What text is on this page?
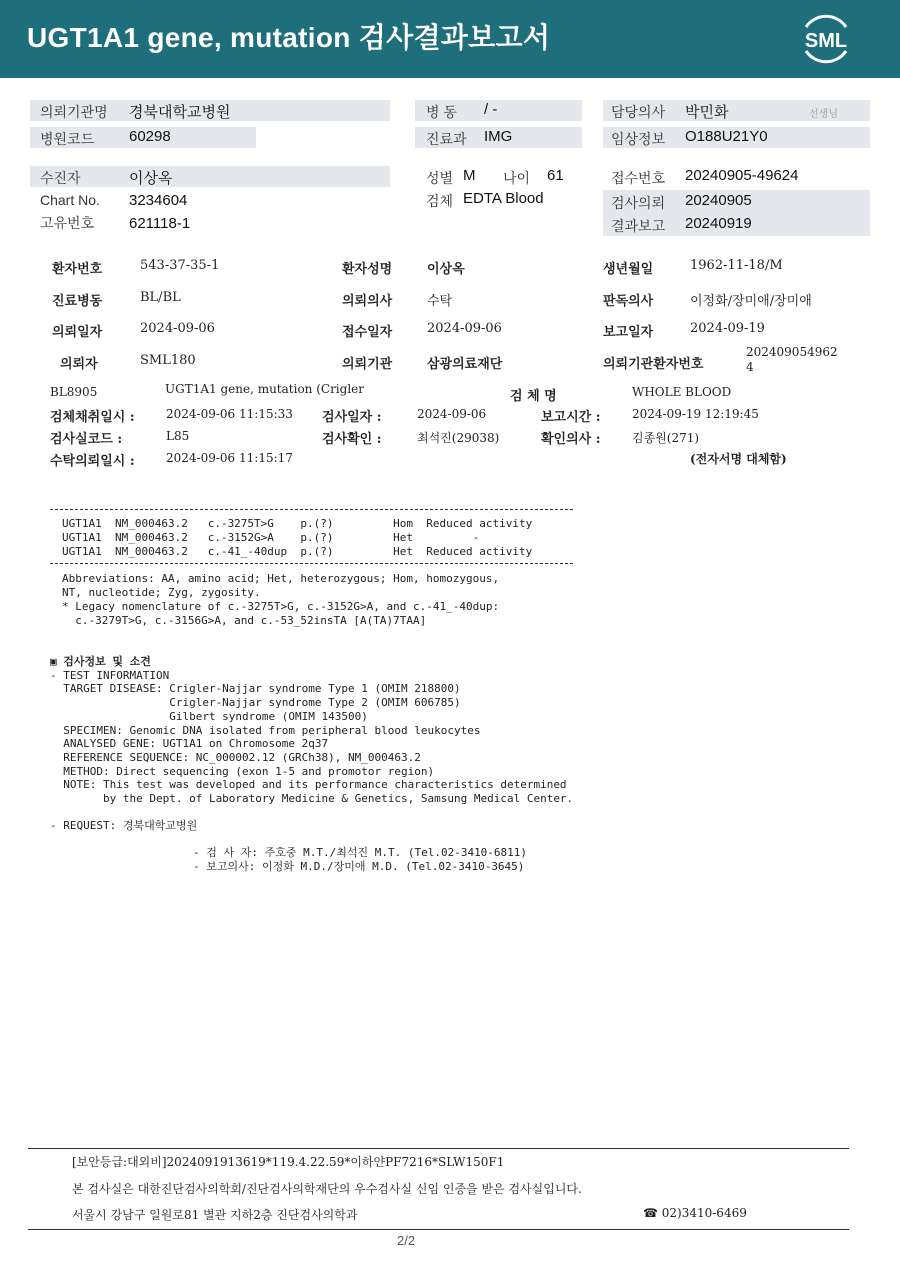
UGT1A1 gene, mutation 검사결과보고서	SML
의뢰기관명 경북대학교병원
병원코드 60298
병 동 / -
진료과 IMG
담당의사 박민화	선생님
임상정보 O188U21Y0
수진자	이상옥
Chart No. 3234604
고유번호 621118-1
성별 M 나이 61
검체 EDTA Blood
접수번호 20240905-49624
검사의뢰 20240905
결과보고 20240919
환자번호	543-37-35-1	환자성명	이상옥	생년월일	1962-11-18/M
진료병동	BL/BL	의뢰의사	수탁	판독의사	이정화/장미애/장미애
의뢰일자	2024-09-06	접수일자	2024-09-06	보고일자	2024-09-19
의뢰자	SML180	의뢰기관	삼광의료재단	의뢰기관환자번호
202409054962
4
BL8905	UGT1A1 gene, mutation (Crigler	검 체 명	WHOLE BLOOD
검체채취일시 :	2024-09-06 11:15:33 검사일자 :	2024-09-06	보고시간 :	2024-09-19 12:19:45
검사실코드 :	L85	검사확인 :	최석진(29038)	확인의사 :	김종원(271)
수탁의뢰일시 :	2024-09-06 11:15:17	(전자서명 대체함)
UGT1A1  NM_000463.2   c.-3275T>G    p.(?)         Hom  Reduced activity
UGT1A1  NM_000463.2   c.-3152G>A    p.(?)         Het         -
UGT1A1  NM_000463.2   c.-41_-40dup  p.(?)         Het  Reduced activity
Abbreviations: AA, amino acid; Het, heterozygous; Hom, homozygous,
NT, nucleotide; Zyg, zygosity.
* Legacy nomenclature of c.-3275T>G, c.-3152G>A, and c.-41_-40dup:
c.-3279T>G, c.-3156G>A, and c.-53_52insTA [A(TA)7TAA]
▣ 검사정보 및 소견
- TEST INFORMATION
TARGET DISEASE: Crigler-Najjar syndrome Type 1 (OMIM 218800)
Crigler-Najjar syndrome Type 2 (OMIM 606785)
Gilbert syndrome (OMIM 143500)
SPECIMEN: Genomic DNA isolated from peripheral blood leukocytes
ANALYSED GENE: UGT1A1 on Chromosome 2q37
REFERENCE SEQUENCE: NC_000002.12 (GRCh38), NM_000463.2
METHOD: Direct sequencing (exon 1-5 and promotor region)
NOTE: This test was developed and its performance characteristics determined
by the Dept. of Laboratory Medicine & Genetics, Samsung Medical Center.
- REQUEST: 경북대학교병원
- 검 사 자: 주호중 M.T./최석진 M.T. (Tel.02-3410-6811)
- 보고의사: 이정화 M.D./장미애 M.D. (Tel.02-3410-3645)
[보안등급:대외비]2024091913619*119.4.22.59*이하얀PF7216*SLW150F1
본 검사실은 대한진단검사의학회/진단검사의학재단의 우수검사실 신임 인증을 받은 검사실입니다.
서울시 강남구 일원로81 별관 지하2층 진단검사의학과	☎ 02)3410-6469
2/2
